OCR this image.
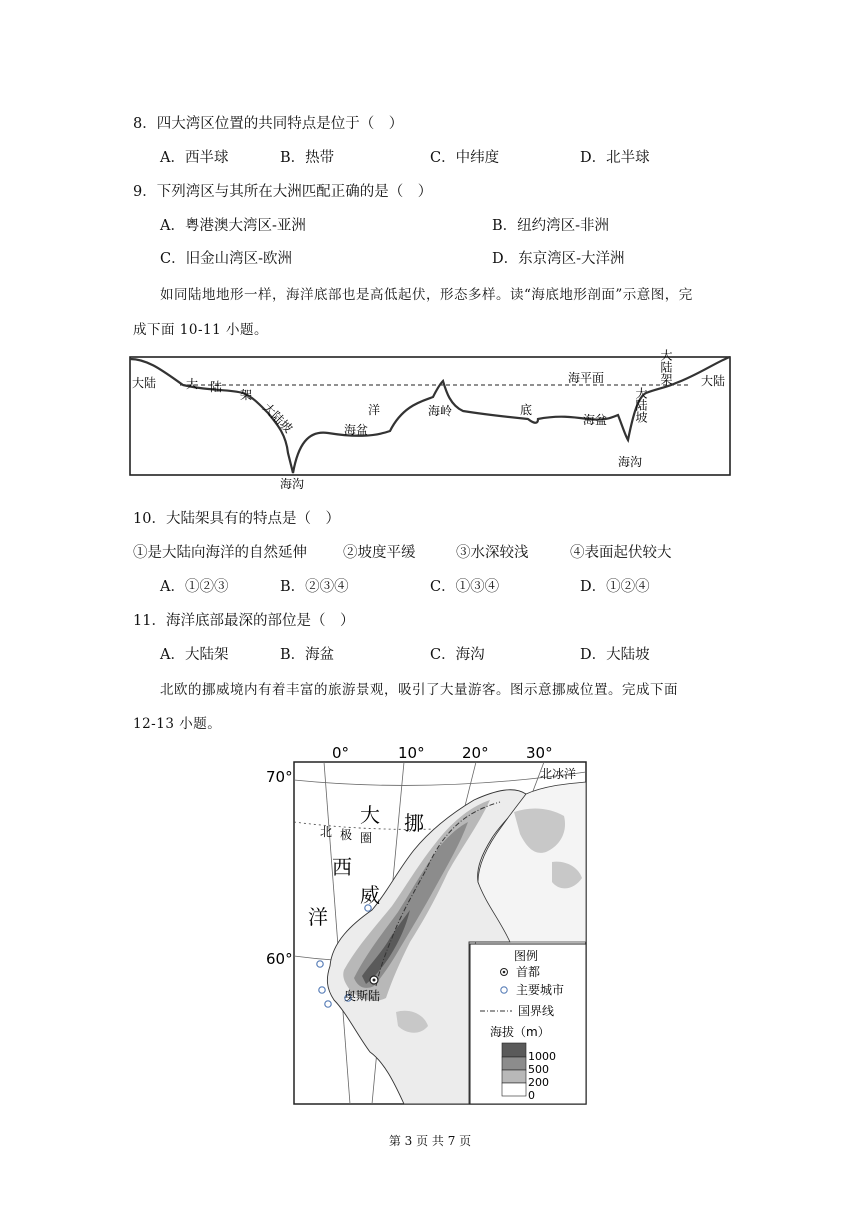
8．四大湾区位置的共同特点是位于（　）
A．西半球	B．热带	C．中纬度	D．北半球
9．下列湾区与其所在大洲匹配正确的是（　）
A．粤港澳大湾区-亚洲	B．纽约湾区-非洲
C．旧金山湾区-欧洲	D．东京湾区-大洋洲
如同陆地地形一样，海洋底部也是高低起伏，形态多样。读“海底地形剖面”示意图，完
成下面 10-11 小题。
大陆 大 陆
架
大陆坡
海沟
洋
海盆
海岭	底
海盆
海平面	大陆架
大陆坡
大陆
海沟
10．大陆架具有的特点是（　）
①是大陆向海洋的自然延伸 ②坡度平缓	③水深较浅	④表面起伏较大
A．①②③	B．②③④	C．①③④	D．①②④
11．海洋底部最深的部位是（　）
A．大陆架	B．海盆	C．海沟	D．大陆坡
北欧的挪威境内有着丰富的旅游景观，吸引了大量游客。图示意挪威位置。完成下面
12-13 小题。
0°	10° 20° 30°
70°
60°
奥斯陆
北冰洋
北 极 圈
大
西
洋
挪
威
图例
首都
主要城市
国界线
海拔（m）
1000
500
200
0
第 3 页 共 7 页
